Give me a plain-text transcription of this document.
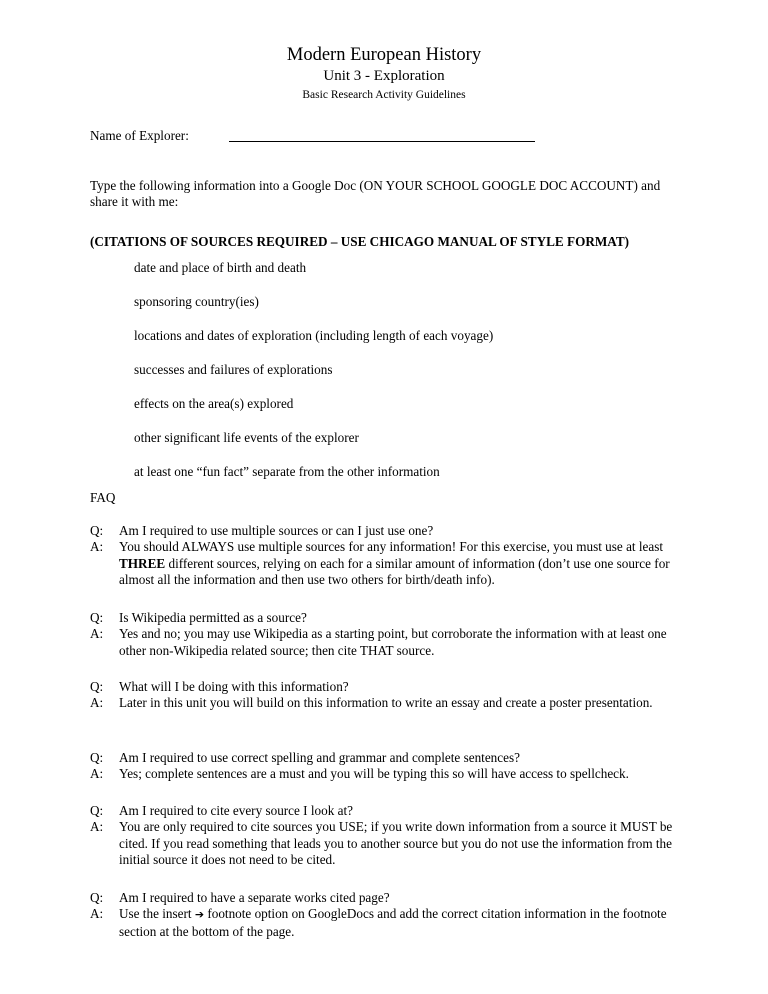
Modern European History
Unit 3 - Exploration
Basic Research Activity Guidelines
Name of Explorer:
Type the following information into a Google Doc (ON YOUR SCHOOL GOOGLE DOC ACCOUNT) and share it with me:
(CITATIONS OF SOURCES REQUIRED – USE CHICAGO MANUAL OF STYLE FORMAT)
date and place of birth and death
sponsoring country(ies)
locations and dates of exploration (including length of each voyage)
successes and failures of explorations
effects on the area(s) explored
other significant life events of the explorer
at least one “fun fact” separate from the other information
FAQ
Q: Am I required to use multiple sources or can I just use one?
A: You should ALWAYS use multiple sources for any information! For this exercise, you must use at least THREE different sources, relying on each for a similar amount of information (don’t use one source for almost all the information and then use two others for birth/death info).
Q: Is Wikipedia permitted as a source?
A: Yes and no; you may use Wikipedia as a starting point, but corroborate the information with at least one other non-Wikipedia related source; then cite THAT source.
Q: What will I be doing with this information?
A: Later in this unit you will build on this information to write an essay and create a poster presentation.
Q: Am I required to use correct spelling and grammar and complete sentences?
A: Yes; complete sentences are a must and you will be typing this so will have access to spellcheck.
Q: Am I required to cite every source I look at?
A: You are only required to cite sources you USE; if you write down information from a source it MUST be cited. If you read something that leads you to another source but you do not use the information from the initial source it does not need to be cited.
Q: Am I required to have a separate works cited page?
A: Use the insert ➔ footnote option on GoogleDocs and add the correct citation information in the footnote section at the bottom of the page.
